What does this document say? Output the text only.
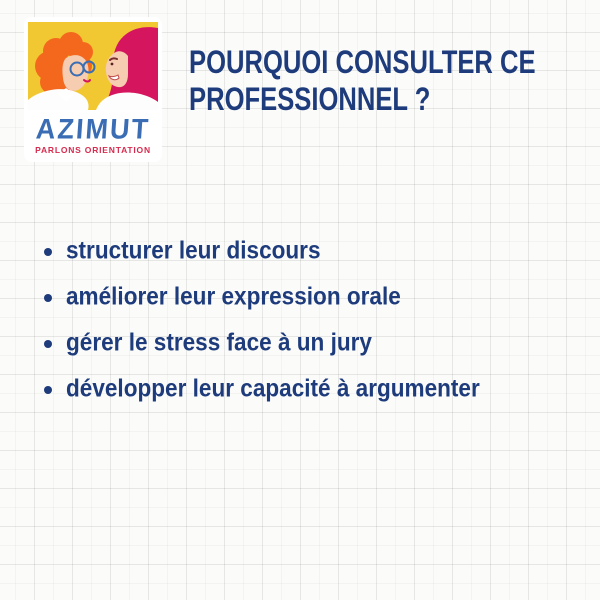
AZIMUT
PARLONS ORIENTATION
POURQUOI CONSULTER CE
PROFESSIONNEL ?
structurer leur discours
améliorer leur expression orale
gérer le stress face à un jury
développer leur capacité à argumenter
